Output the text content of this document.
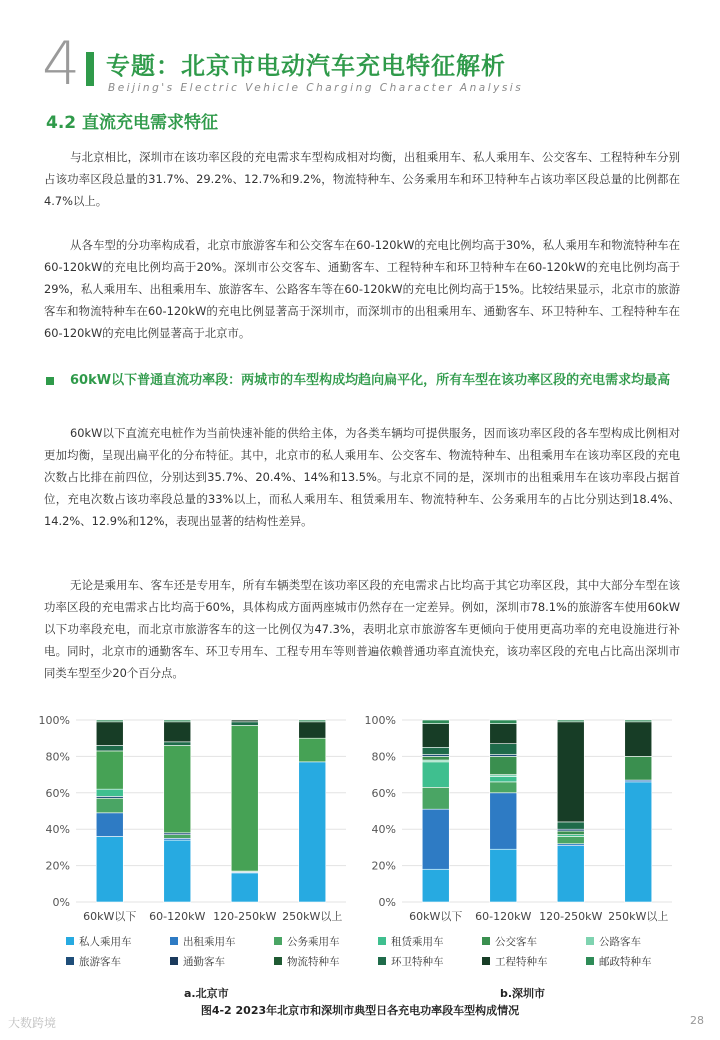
4 专题：北京市电动汽车充电特征解析
Beijing's Electric Vehicle Charging Character Analysis
4.2 直流充电需求特征
与北京相比，深圳市在该功率区段的充电需求车型构成相对均衡，出租乘用车、私人乘用车、公交客车、工程特种车分别占该功率区段总量的31.7%、29.2%、12.7%和9.2%，物流特种车、公务乘用车和环卫特种车占该功率区段总量的比例都在4.7%以上。
从各车型的分功率构成看，北京市旅游客车和公交客车在60-120kW的充电比例均高于30%，私人乘用车和物流特种车在60-120kW的充电比例均高于20%。深圳市公交客车、通勤客车、工程特种车和环卫特种车在60-120kW的充电比例均高于29%，私人乘用车、出租乘用车、旅游客车、公路客车等在60-120kW的充电比例均高于15%。比较结果显示，北京市的旅游客车和物流特种车在60-120kW的充电比例显著高于深圳市，而深圳市的出租乘用车、通勤客车、环卫特种车、工程特种车在60-120kW的充电比例显著高于北京市。
60kW以下普通直流功率段：两城市的车型构成均趋向扁平化，所有车型在该功率区段的充电需求均最高
60kW以下直流充电桩作为当前快速补能的供给主体，为各类车辆均可提供服务，因而该功率区段的各车型构成比例相对更加均衡，呈现出扁平化的分布特征。其中，北京市的私人乘用车、公交客车、物流特种车、出租乘用车在该功率区段的充电次数占比排在前四位，分别达到35.7%、20.4%、14%和13.5%。与北京不同的是，深圳市的出租乘用车在该功率段占据首位，充电次数占该功率段总量的33%以上，而私人乘用车、租赁乘用车、物流特种车、公务乘用车的占比分别达到18.4%、14.2%、12.9%和12%，表现出显著的结构性差异。
无论是乘用车、客车还是专用车，所有车辆类型在该功率区段的充电需求占比均高于其它功率区段，其中大部分车型在该功率区段的充电需求占比均高于60%，具体构成方面两座城市仍然存在一定差异。例如，深圳市78.1%的旅游客车使用60kW以下功率段充电，而北京市旅游客车的这一比例仅为47.3%，表明北京市旅游客车更倾向于使用更高功率的充电设施进行补电。同时，北京市的通勤客车、环卫专用车、工程专用车等则普遍依赖普通功率直流快充，该功率区段的充电占比高出深圳市同类车型至少20个百分点。
0%
20%
40%
60%
80%
100%
60kW以下 60-120kW 120-250kW 250kW以上
0%
20%
40%
60%
80%
100%
60kW以下 60-120kW 120-250kW 250kW以上
私人乘用车	出租乘用车	公务乘用车
旅游客车	通勤客车	物流特种车
租赁乘用车	公交客车	公路客车
环卫特种车	工程特种车	邮政特种车
a.北京市	b.深圳市
图4-2 2023年北京市和深圳市典型日各充电功率段车型构成情况
大数跨境	28
